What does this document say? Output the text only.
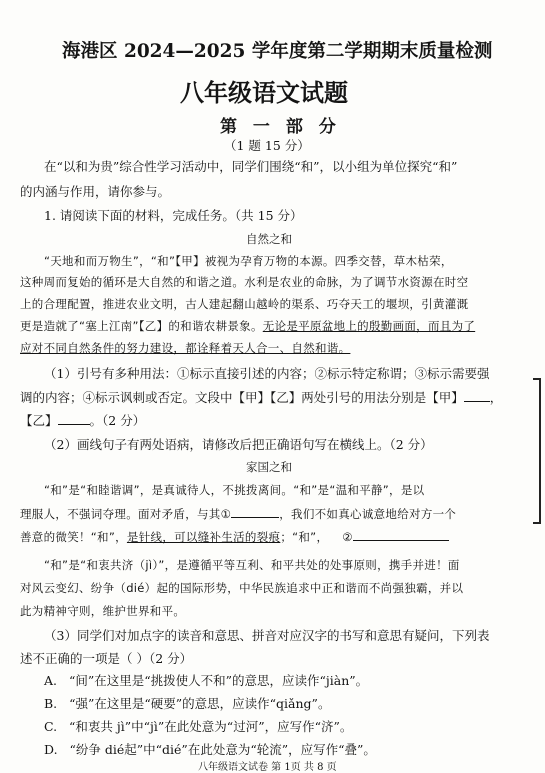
海港区 2024—2025 学年度第二学期期末质量检测
八年级语文试题
第 一 部 分
（1 题 15 分）
在“以和为贵”综合性学习活动中，同学们围绕“和”，以小组为单位探究“和”
的内涵与作用，请你参与。
1. 请阅读下面的材料，完成任务。（共 15 分）
自然之和
“天地和而万物生”，“和”【甲】被视为孕育万物的本源。四季交替，草木枯荣，
这种周而复始的循环是大自然的和谐之道。水利是农业的命脉，为了调节水资源在时空
上的合理配置，推进农业文明，古人建起翻山越岭的渠系、巧夺天工的堰坝，引黄灌溉
更是造就了“塞上江南”【乙】的和谐农耕景象。无论是平原盆地上的殷勤画面，而且为了
应对不同自然条件的努力建设，都诠释着天人合一、自然和谐。
（1）引号有多种用法：①标示直接引述的内容；②标示特定称谓；③标示需要强
调的内容；④标示讽刺或否定。文段中【甲】【乙】两处引号的用法分别是【甲】 ，
【乙】	。（2 分）
（2）画线句子有两处语病，请修改后把正确语句写在横线上。（2 分）
家国之和
“和”是“和睦谐调”，是真诚待人，不挑拨离间。“和”是“温和平静”，是以
理服人，不强词夺理。面对矛盾，与其①	，我们不如真心诚意地给对方一个
善意的微笑！“和”，是针线，可以缝补生活的裂痕；“和”， ②
“和”是“和衷共济（jì）”，是遵循平等互利、和平共处的处事原则，携手并进！面
对风云变幻、纷争（dié）起的国际形势，中华民族追求中正和谐而不尚强独霸，并以
此为精神守则，维护世界和平。
（3）同学们对加点字的读音和意思、拼音对应汉字的书写和意思有疑问，下列表
述不正确的一项是（ ）（2 分）
A. “间”在这里是“挑拨使人不和”的意思，应读作“jiàn”。
B. “强”在这里是“硬要”的意思，应读作“qiǎng”。
C. “和衷共 jì”中“jì”在此处意为“过河”，应写作“济”。
D. “纷争 dié起”中“dié”在此处意为“轮流”，应写作“叠”。
八年级语文试卷 第 1页 共 8 页
